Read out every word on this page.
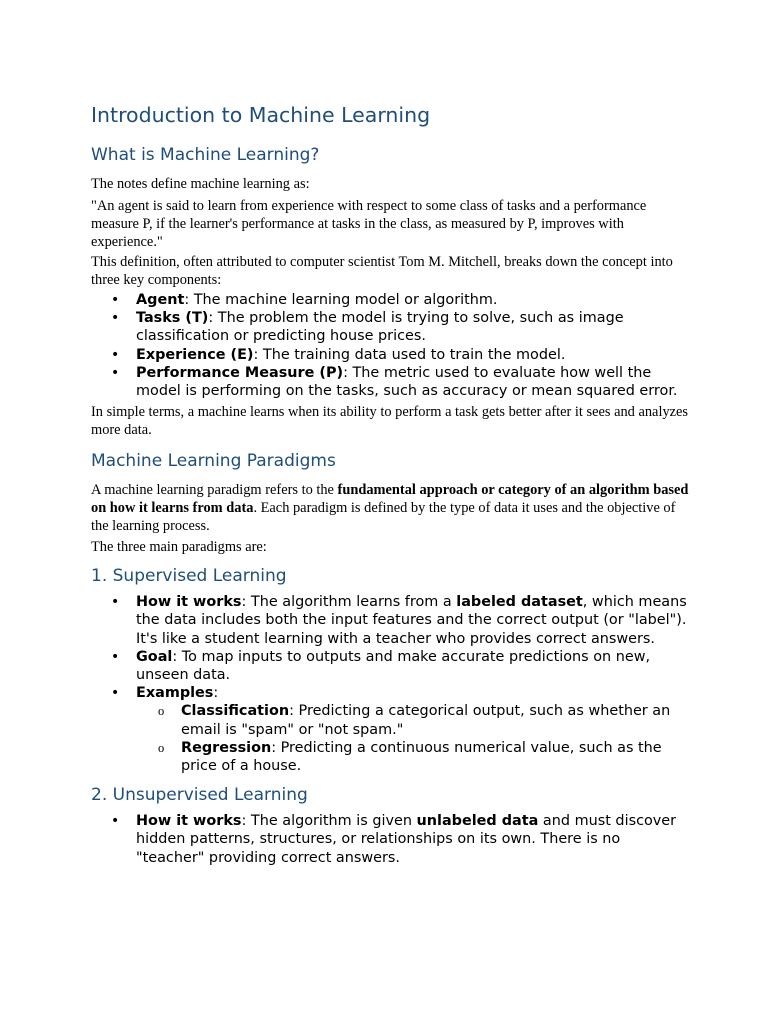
Introduction to Machine Learning
What is Machine Learning?

The notes define machine learning as:

"An agent is said to learn from experience with respect to some class of tasks and a performance measure P, if the learner's performance at tasks in the class, as measured by P, improves with experience."

This definition, often attributed to computer scientist Tom M. Mitchell, breaks down the concept into three key components:

• Agent: The machine learning model or algorithm.
• Tasks (T): The problem the model is trying to solve, such as image classification or predicting house prices.
• Experience (E): The training data used to train the model.
• Performance Measure (P): The metric used to evaluate how well the model is performing on the tasks, such as accuracy or mean squared error.

In simple terms, a machine learns when its ability to perform a task gets better after it sees and analyzes more data.

Machine Learning Paradigms

A machine learning paradigm refers to the fundamental approach or category of an algorithm based on how it learns from data. Each paradigm is defined by the type of data it uses and the objective of the learning process.

The three main paradigms are:

1. Supervised Learning
• How it works: The algorithm learns from a labeled dataset, which means the data includes both the input features and the correct output (or "label"). It's like a student learning with a teacher who provides correct answers.
• Goal: To map inputs to outputs and make accurate predictions on new, unseen data.
• Examples:
o Classification: Predicting a categorical output, such as whether an email is "spam" or "not spam."
o Regression: Predicting a continuous numerical value, such as the price of a house.
2. Unsupervised Learning
• How it works: The algorithm is given unlabeled data and must discover hidden patterns, structures, or relationships on its own. There is no "teacher" providing correct answers.
